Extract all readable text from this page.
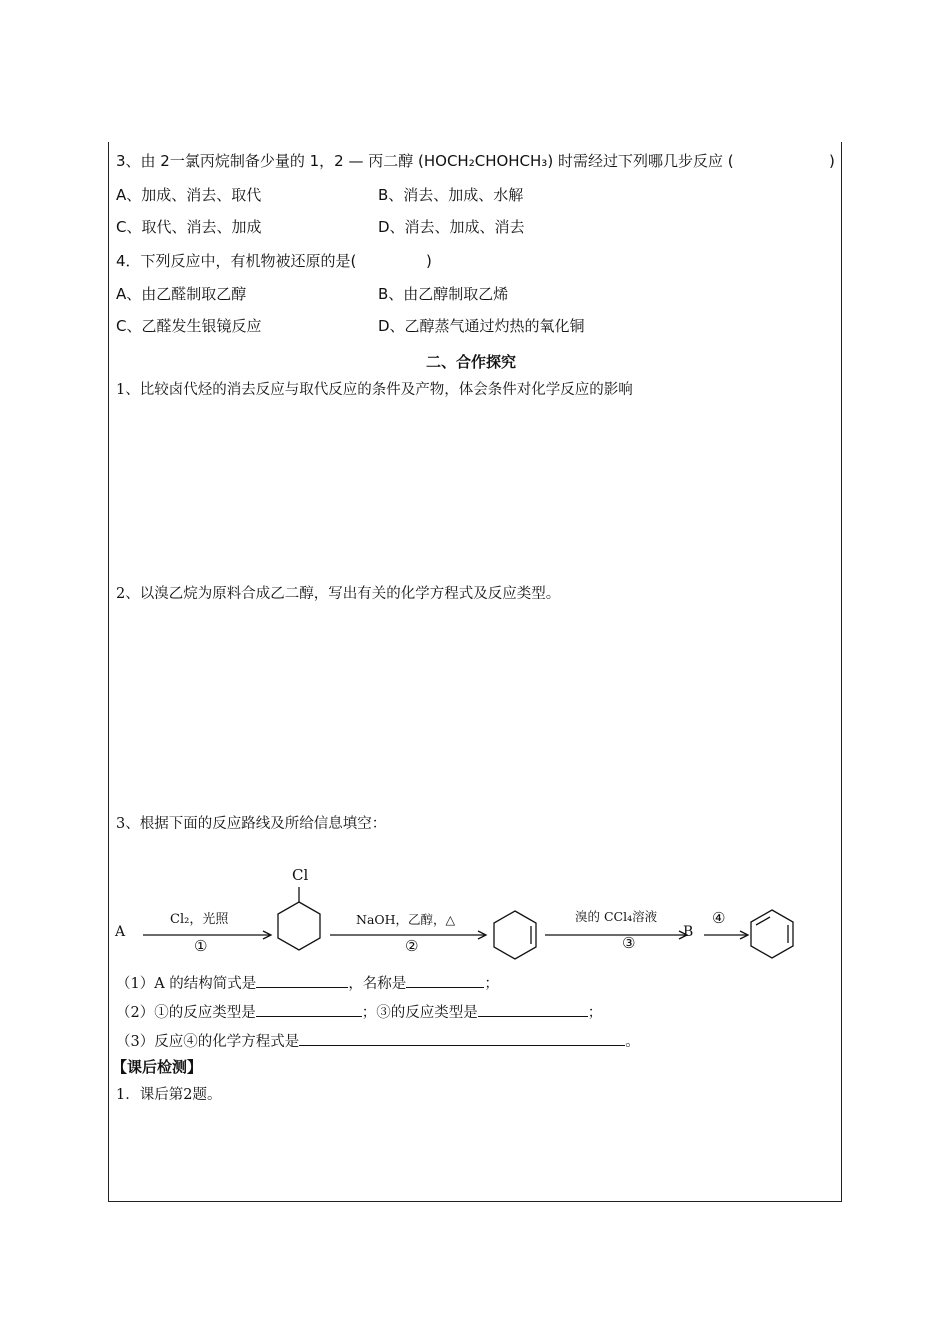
3、由 2一氯丙烷制备少量的 1，2 — 丙二醇 (HOCH₂CHOHCH₃) 时需经过下列哪几步反应 (	)
A、加成、消去、取代	B、消去、加成、水解
C、取代、消去、加成	D、消去、加成、消去
4．下列反应中，有机物被还原的是(	)
A、由乙醛制取乙醇	B、由乙醇制取乙烯
C、乙醛发生银镜反应	D、乙醇蒸气通过灼热的氧化铜
二、合作探究
1、比较卤代烃的消去反应与取代反应的条件及产物，体会条件对化学反应的影响
2、以溴乙烷为原料合成乙二醇，写出有关的化学方程式及反应类型。
3、根据下面的反应路线及所给信息填空：
A
Cl
Cl₂，光照
①
NaOH，乙醇，△
②
溴的 CCl₄溶液
③
B
④
（1）A 的结构简式是	，名称是	；
（2）①的反应类型是	；③的反应类型是	；
（3）反应④的化学方程式是	。
【课后检测】
1．课后第2题。
